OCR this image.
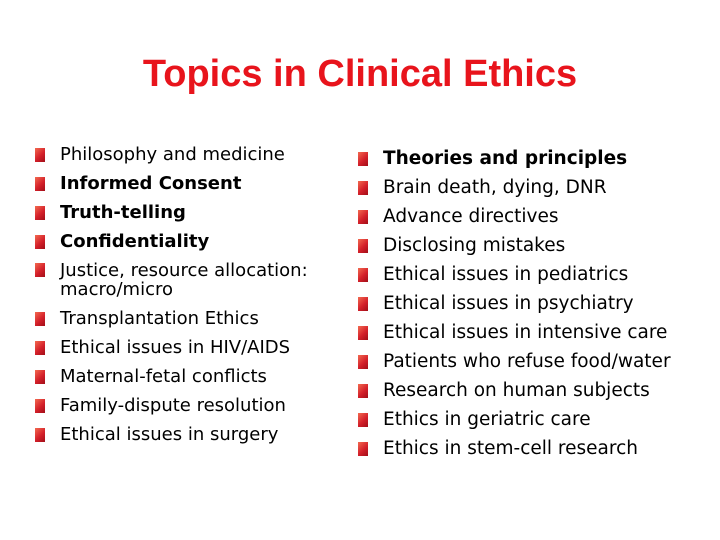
Topics in Clinical Ethics
Philosophy and medicine
Informed Consent
Truth-telling
Confidentiality
Justice, resource allocation: macro/micro
Transplantation Ethics
Ethical issues in HIV/AIDS
Maternal-fetal conflicts
Family-dispute resolution
Ethical issues in surgery
Theories and principles
Brain death, dying, DNR
Advance directives
Disclosing mistakes
Ethical issues in pediatrics
Ethical issues in psychiatry
Ethical issues in intensive care
Patients who refuse food/water
Research on human subjects
Ethics in geriatric care
Ethics in stem-cell research
